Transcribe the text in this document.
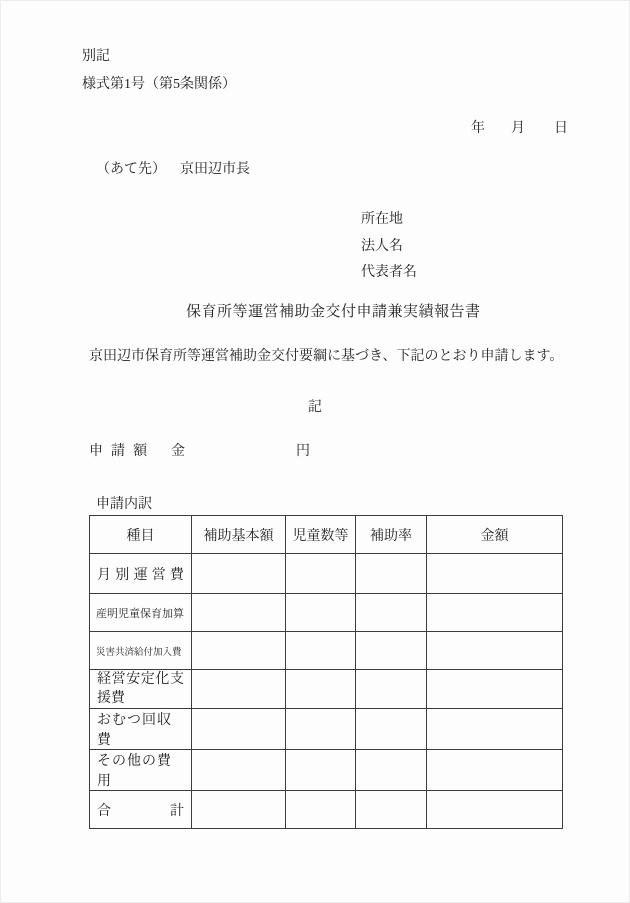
別記
様式第1号（第5条関係）
年 月 日
（あて先） 京田辺市長
所在地
法人名
代表者名
保育所等運営補助金交付申請兼実績報告書
京田辺市保育所等運営補助金交付要綱に基づき、下記のとおり申請します。
記
申請額 金	円
申請内訳
種目	補助基本額	児童数等	補助率	金額
月別運営費				
産明児童保育加算				
災害共済給付加入費				
経営安定化支援費				
おむつ回収費				
その他の費用				
合計				
